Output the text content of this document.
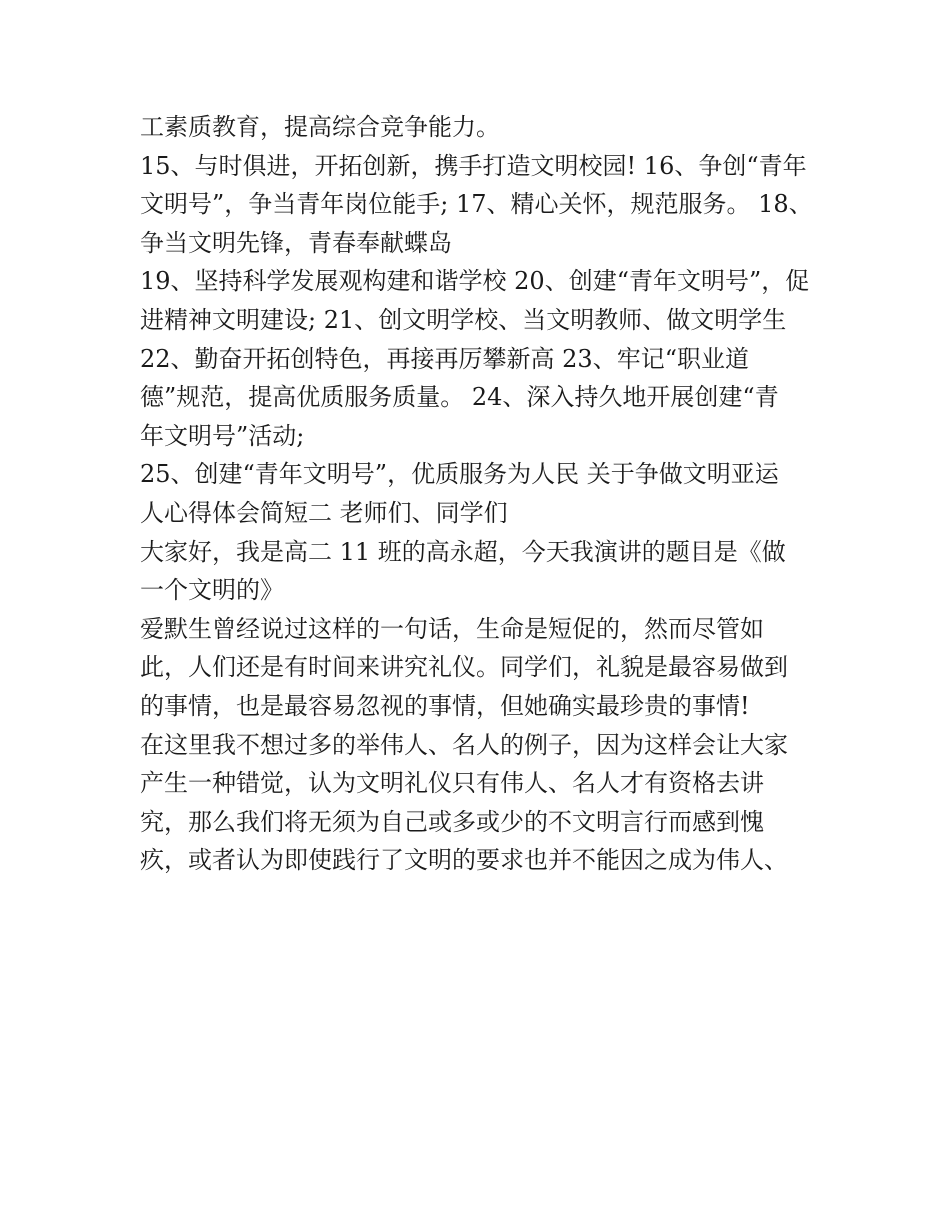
工素质教育，提高综合竞争能力。
15、与时俱进，开拓创新，携手打造文明校园! 16、争创“青年
文明号”，争当青年岗位能手; 17、精心关怀，规范服务。 18、
争当文明先锋，青春奉献蝶岛
19、坚持科学发展观构建和谐学校 20、创建“青年文明号”，促
进精神文明建设; 21、创文明学校、当文明教师、做文明学生
22、勤奋开拓创特色，再接再厉攀新高 23、牢记“职业道
德”规范，提高优质服务质量。 24、深入持久地开展创建“青
年文明号”活动;
25、创建“青年文明号”，优质服务为人民 关于争做文明亚运
人心得体会简短二 老师们、同学们
大家好，我是高二 11 班的高永超，今天我演讲的题目是《做
一个文明的》
爱默生曾经说过这样的一句话，生命是短促的，然而尽管如
此，人们还是有时间来讲究礼仪。同学们，礼貌是最容易做到
的事情，也是最容易忽视的事情，但她确实最珍贵的事情!
在这里我不想过多的举伟人、名人的例子，因为这样会让大家
产生一种错觉，认为文明礼仪只有伟人、名人才有资格去讲
究，那么我们将无须为自己或多或少的不文明言行而感到愧
疚，或者认为即使践行了文明的要求也并不能因之成为伟人、
